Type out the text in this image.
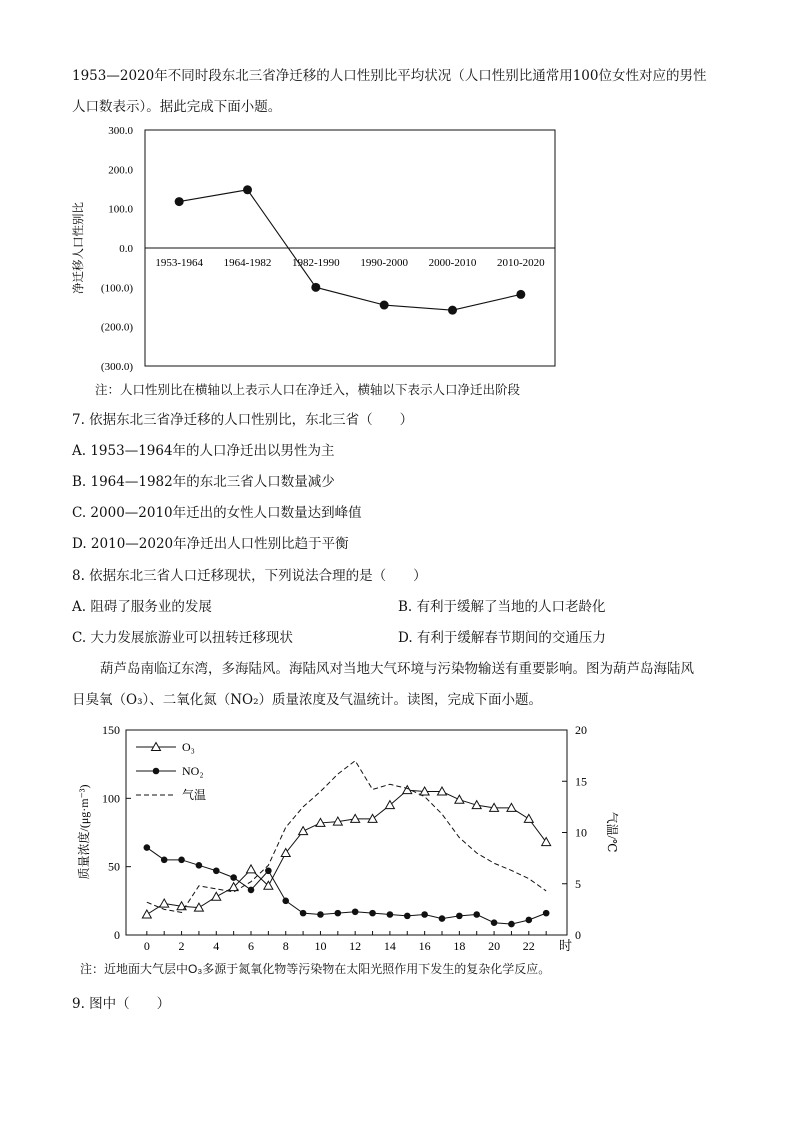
1953—2020年不同时段东北三省净迁移的人口性别比平均状况（人口性别比通常用100位女性对应的男性
人口数表示）。据此完成下面小题。
300.0
200.0
100.0
0.0
(100.0)
(200.0)
(300.0)
1953-1964 1964-1982 1982-1990 1990-2000 2000-2010 2010-2020
净迁移人口性别比
注：人口性别比在横轴以上表示人口在净迁入，横轴以下表示人口净迁出阶段
7. 依据东北三省净迁移的人口性别比，东北三省（　　）
A. 1953—1964年的人口净迁出以男性为主
B. 1964—1982年的东北三省人口数量减少
C. 2000—2010年迁出的女性人口数量达到峰值
D. 2010—2020年净迁出人口性别比趋于平衡
8. 依据东北三省人口迁移现状，下列说法合理的是（　　）
A. 阻碍了服务业的发展	B. 有利于缓解了当地的人口老龄化
C. 大力发展旅游业可以扭转迁移现状	D. 有利于缓解春节期间的交通压力
葫芦岛南临辽东湾，多海陆风。海陆风对当地大气环境与污染物输送有重要影响。图为葫芦岛海陆风
日臭氧（O₃）、二氧化氮（NO₂）质量浓度及气温统计。读图，完成下面小题。
0
50
100
150
0
5
10
15
20
0 2 4 6 8 10 12 14 16 18 20 22
O₃
NO₂
气温
时
质量浓度/(μg·m⁻³)	气温/℃
注：近地面大气层中O₃多源于氮氧化物等污染物在太阳光照作用下发生的复杂化学反应。
9. 图中（　　）
